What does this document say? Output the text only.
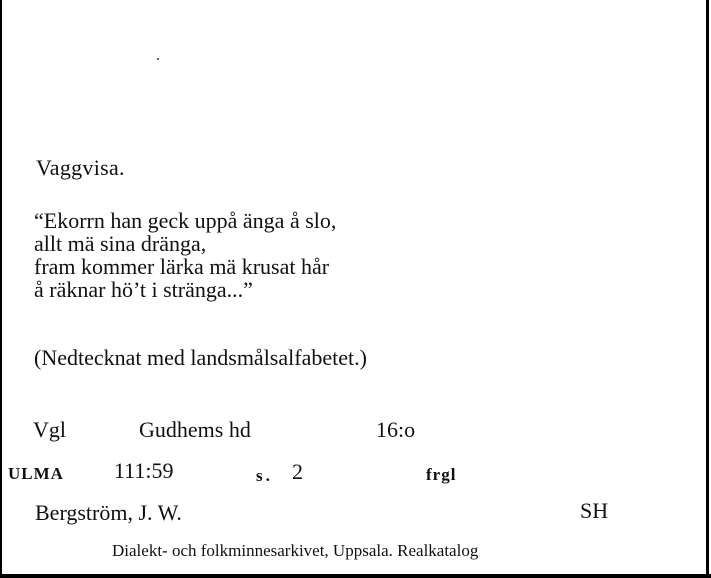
Vaggvisa.
“Ekorrn han geck uppå änga å slo,
allt mä sina dränga,
fram kommer lärka mä krusat hår
å räknar hö’t i stränga...”
(Nedtecknat med landsmålsalfabetet.)
Vgl	Gudhems hd	16:o
ULMA 111:59	s. 2	frgl
Bergström, J. W.	SH
Dialekt- och folkminnesarkivet, Uppsala. Realkatalog
